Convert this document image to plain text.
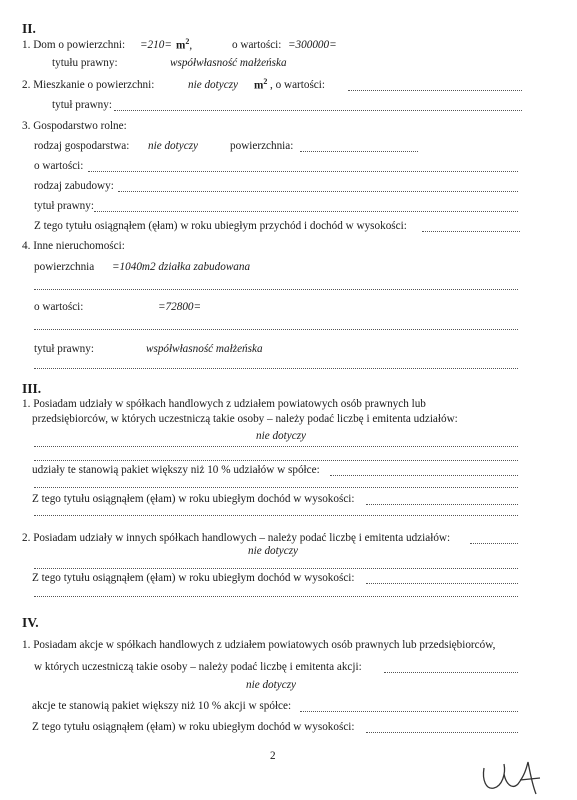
II.
1. Dom o powierzchni: $=210= m^2$,	o wartości: =300000=
tytułu prawny:	współwłasność małżeńska
2. Mieszkanie o powierzchni:	nie dotyczy $m^2$ , o wartości:
tytuł prawny:
3. Gospodarstwo rolne:
rodzaj gospodarstwa: nie dotyczy	powierzchnia:
o wartości:
rodzaj zabudowy:
tytuł prawny:
Z tego tytułu osiągnąłem (ęłam) w roku ubiegłym przychód i dochód w wysokości:
4. Inne nieruchomości:
powierzchnia =1040m2 działka zabudowana
o wartości:	=72800=
tytuł prawny:	współwłasność małżeńska
III.
1. Posiadam udziały w spółkach handlowych z udziałem powiatowych osób prawnych lub
przedsiębiorców, w których uczestniczą takie osoby – należy podać liczbę i emitenta udziałów:
nie dotyczy
udziały te stanowią pakiet większy niż 10 % udziałów w spółce:
Z tego tytułu osiągnąłem (ęłam) w roku ubiegłym dochód w wysokości:
2. Posiadam udziały w innych spółkach handlowych – należy podać liczbę i emitenta udziałów:
nie dotyczy
Z tego tytułu osiągnąłem (ęłam) w roku ubiegłym dochód w wysokości:
IV.
1. Posiadam akcje w spółkach handlowych z udziałem powiatowych osób prawnych lub przedsiębiorców,
w których uczestniczą takie osoby – należy podać liczbę i emitenta akcji:
nie dotyczy
akcje te stanowią pakiet większy niż 10 % akcji w spółce:
Z tego tytułu osiągnąłem (ęłam) w roku ubiegłym dochód w wysokości:
2
